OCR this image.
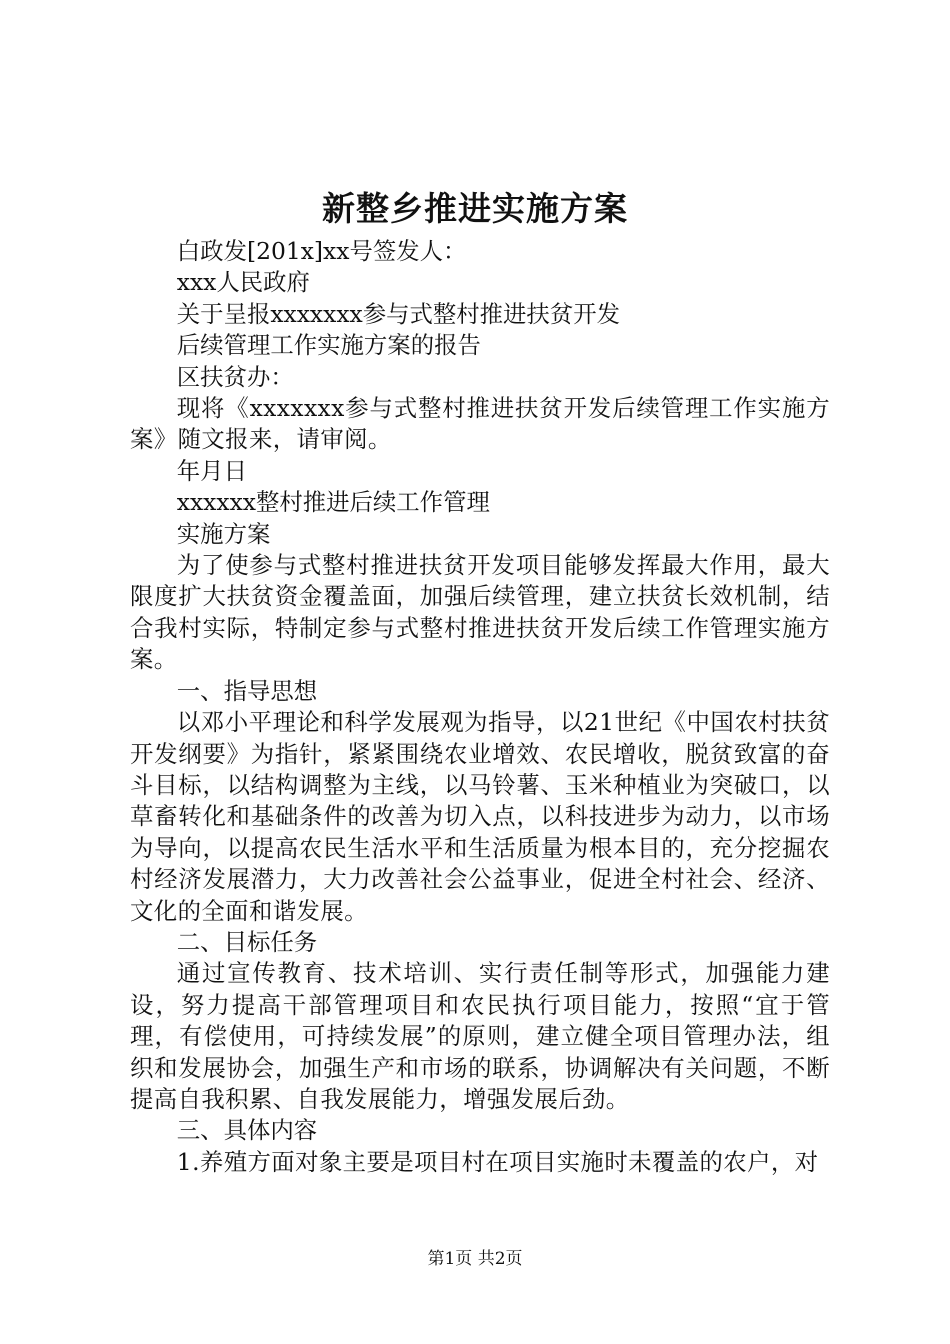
新整乡推进实施方案

白政发[201x]xx号签发人：

xxx人民政府

关于呈报xxxxxxx参与式整村推进扶贫开发

后续管理工作实施方案的报告

区扶贫办：

现将《xxxxxxx参与式整村推进扶贫开发后续管理工作实施方案》随文报来，请审阅。

年月日

xxxxxx整村推进后续工作管理

实施方案

为了使参与式整村推进扶贫开发项目能够发挥最大作用，最大限度扩大扶贫资金覆盖面，加强后续管理，建立扶贫长效机制，结合我村实际，特制定参与式整村推进扶贫开发后续工作管理实施方案。

一、指导思想

以邓小平理论和科学发展观为指导，以21世纪《中国农村扶贫开发纲要》为指针，紧紧围绕农业增效、农民增收，脱贫致富的奋斗目标，以结构调整为主线，以马铃薯、玉米种植业为突破口，以草畜转化和基础条件的改善为切入点，以科技进步为动力，以市场为导向，以提高农民生活水平和生活质量为根本目的，充分挖掘农村经济发展潜力，大力改善社会公益事业，促进全村社会、经济、文化的全面和谐发展。

二、目标任务

通过宣传教育、技术培训、实行责任制等形式，加强能力建设，努力提高干部管理项目和农民执行项目能力，按照“宜于管理，有偿使用，可持续发展”的原则，建立健全项目管理办法，组织和发展协会，加强生产和市场的联系，协调解决有关问题，不断提高自我积累、自我发展能力，增强发展后劲。

三、具体内容

1.养殖方面对象主要是项目村在项目实施时未覆盖的农户，对

第1页 共2页
